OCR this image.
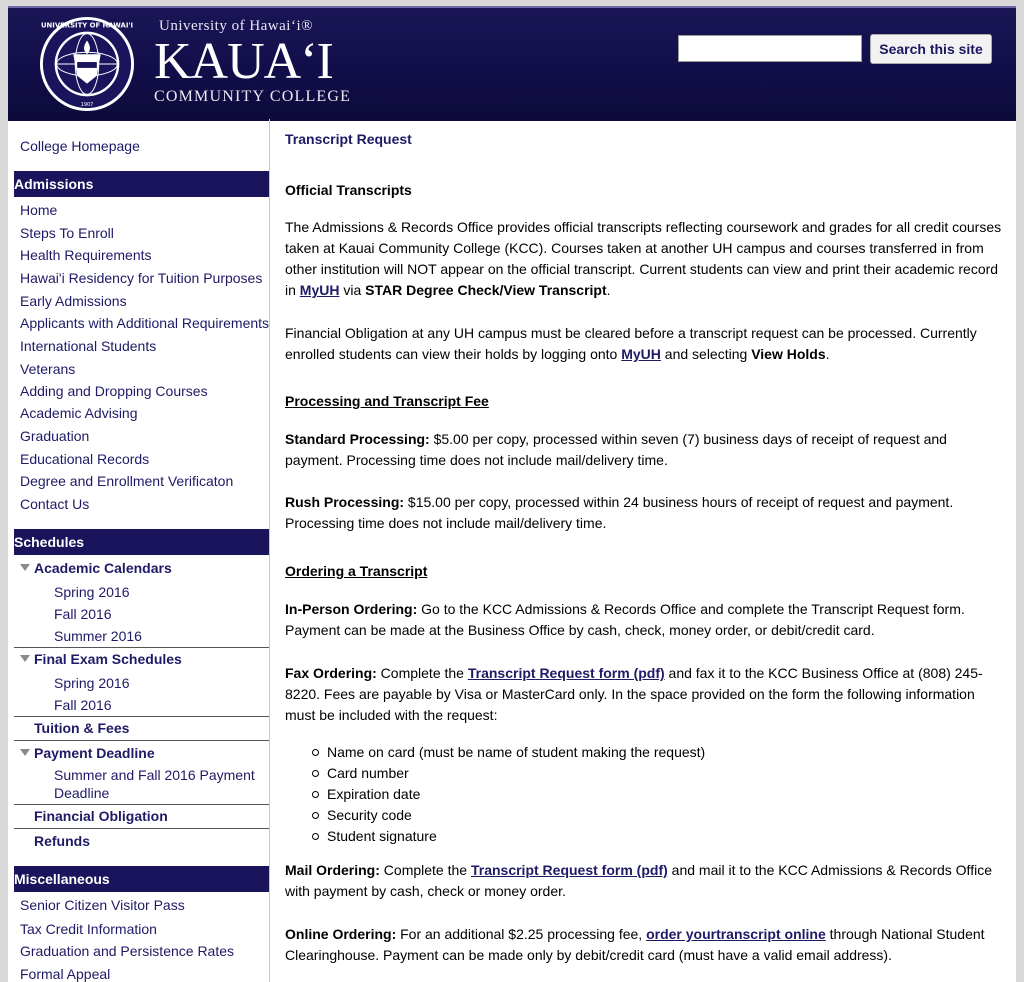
UNIVERSITY OF HAWAI'I
1907
University of Hawai‘i®
KAUA‘I
COMMUNITY COLLEGE
Search this site
College Homepage
Admissions
Home
Steps To Enroll
Health Requirements
Hawai'i Residency for Tuition Purposes
Early Admissions
Applicants with Additional Requirements
International Students
Veterans
Adding and Dropping Courses
Academic Advising
Graduation
Educational Records
Degree and Enrollment Verificaton
Contact Us
Schedules
Academic Calendars
Spring 2016
Fall 2016
Summer 2016
Final Exam Schedules
Spring 2016
Fall 2016
Tuition & Fees
Payment Deadline
Summer and Fall 2016 Payment
Deadline
Financial Obligation
Refunds
Miscellaneous
Senior Citizen Visitor Pass
Tax Credit Information
Graduation and Persistence Rates
Formal Appeal
Transcript Request
Official Transcripts

The Admissions & Records Office provides official transcripts reflecting coursework and grades for all credit courses taken at Kauai Community College (KCC). Courses taken at another UH campus and courses transferred in from other institution will NOT appear on the official transcript. Current students can view and print their academic record in MyUH via STAR Degree Check/View Transcript.

Financial Obligation at any UH campus must be cleared before a transcript request can be processed. Currently enrolled students can view their holds by logging onto MyUH and selecting View Holds.

Processing and Transcript Fee

Standard Processing: $5.00 per copy, processed within seven (7) business days of receipt of request and payment. Processing time does not include mail/delivery time.

Rush Processing: $15.00 per copy, processed within 24 business hours of receipt of request and payment. Processing time does not include mail/delivery time.

Ordering a Transcript

In-Person Ordering: Go to the KCC Admissions & Records Office and complete the Transcript Request form. Payment can be made at the Business Office by cash, check, money order, or debit/credit card.

Fax Ordering: Complete the Transcript Request form (pdf) and fax it to the KCC Business Office at (808) 245-8220. Fees are payable by Visa or MasterCard only. In the space provided on the form the following information must be included with the request:

Name on card (must be name of student making the request)
Card number
Expiration date
Security code
Student signature

Mail Ordering: Complete the Transcript Request form (pdf) and mail it to the KCC Admissions & Records Office with payment by cash, check or money order.

Online Ordering: For an additional $2.25 processing fee, order yourtranscript online through National Student Clearinghouse. Payment can be made only by debit/credit card (must have a valid email address).
